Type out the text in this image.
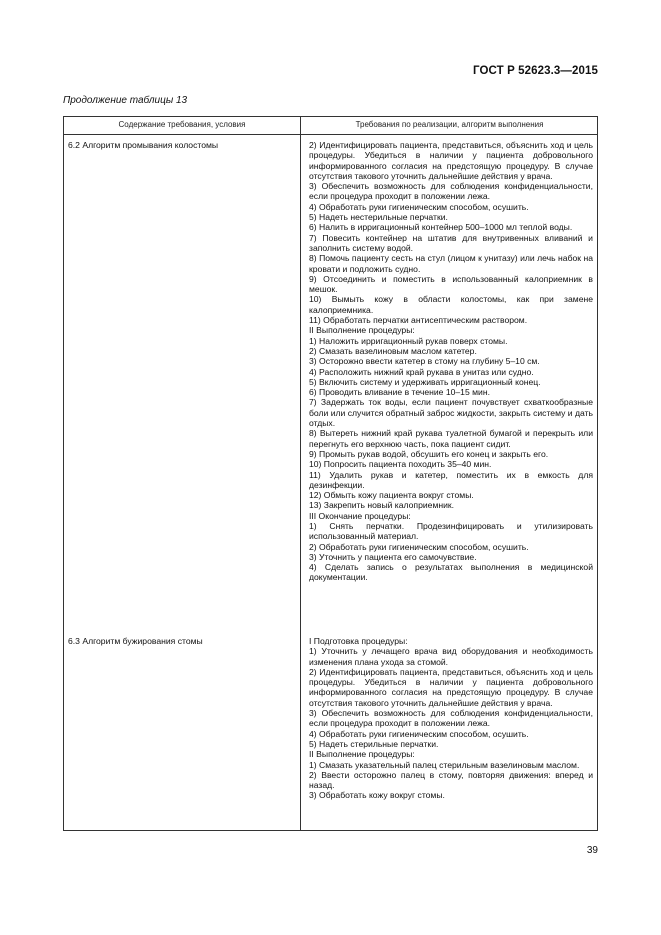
ГОСТ Р 52623.3—2015
Продолжение таблицы 13
Содержание требования, условия	Требования по реализации, алгоритм выполнения
6.2 Алгоритм промывания колостомы	2) Идентифицировать пациента, представиться, объяснить ход и цель процедуры. Убедиться в наличии у пациента добровольного информированного согласия на предстоящую процедуру. В случае отсутствия такового уточнить дальнейшие действия у врача.
3) Обеспечить возможность для соблюдения конфиденциальности, если процедура проходит в положении лежа.
4) Обработать руки гигиеническим способом, осушить.
5) Надеть нестерильные перчатки.
6) Налить в ирригационный контейнер 500–1000 мл теплой воды.
7) Повесить контейнер на штатив для внутривенных вливаний и заполнить систему водой.
8) Помочь пациенту сесть на стул (лицом к унитазу) или лечь набок на кровати и подложить судно.
9) Отсоединить и поместить в использованный калоприемник в мешок.
10) Вымыть кожу в области колостомы, как при замене калоприемника.
11) Обработать перчатки антисептическим раствором.
II Выполнение процедуры:
1) Наложить ирригационный рукав поверх стомы.
2) Смазать вазелиновым маслом катетер.
3) Осторожно ввести катетер в стому на глубину 5–10 см.
4) Расположить нижний край рукава в унитаз или судно.
5) Включить систему и удерживать ирригационный конец.
6) Проводить вливание в течение 10–15 мин.
7) Задержать ток воды, если пациент почувствует схваткообразные боли или случится обратный заброс жидкости, закрыть систему и дать отдых.
8) Вытереть нижний край рукава туалетной бумагой и перекрыть или перегнуть его верхнюю часть, пока пациент сидит.
9) Промыть рукав водой, обсушить его конец и закрыть его.
10) Попросить пациента походить 35–40 мин.
11) Удалить рукав и катетер, поместить их в емкость для дезинфекции.
12) Обмыть кожу пациента вокруг стомы.
13) Закрепить новый калоприемник.
III Окончание процедуры:
1) Снять перчатки. Продезинфицировать и утилизировать использованный материал.
2) Обработать руки гигиеническим способом, осушить.
3) Уточнить у пациента его самочувствие.
4) Сделать запись о результатах выполнения в медицинской документации.
6.3 Алгоритм бужирования стомы	I Подготовка процедуры:
1) Уточнить у лечащего врача вид оборудования и необходимость изменения плана ухода за стомой.
2) Идентифицировать пациента, представиться, объяснить ход и цель процедуры. Убедиться в наличии у пациента добровольного информированного согласия на предстоящую процедуру. В случае отсутствия такового уточнить дальнейшие действия у врача.
3) Обеспечить возможность для соблюдения конфиденциальности, если процедура проходит в положении лежа.
4) Обработать руки гигиеническим способом, осушить.
5) Надеть стерильные перчатки.
II Выполнение процедуры:
1) Смазать указательный палец стерильным вазелиновым маслом.
2) Ввести осторожно палец в стому, повторяя движения: вперед и назад.
3) Обработать кожу вокруг стомы.
39
